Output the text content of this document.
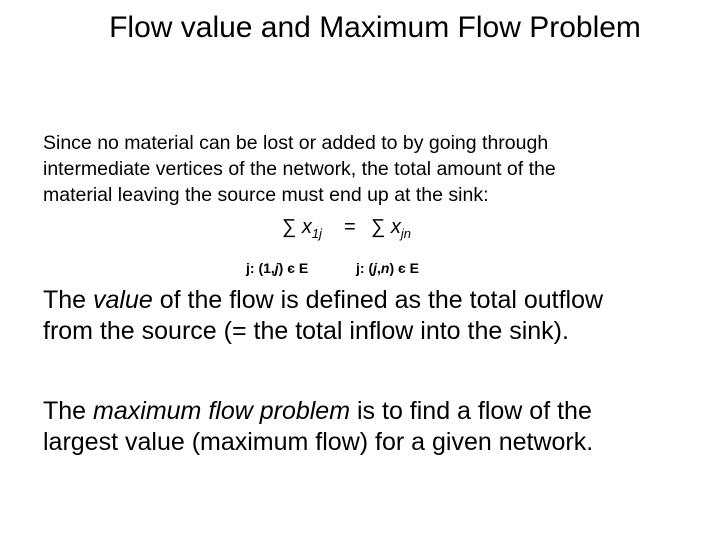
Flow value and Maximum Flow Problem
Since no material can be lost or added to by going through
intermediate vertices of the network, the total amount of the
material leaving the source must end up at the sink:
∑ $x_{1j}$ = ∑ $x_{jn}$
j: (1,j) є E	j: (j,n) є E
The value of the flow is defined as the total outflow
from the source (= the total inflow into the sink).
The maximum flow problem is to find a flow of the
largest value (maximum flow) for a given network.
